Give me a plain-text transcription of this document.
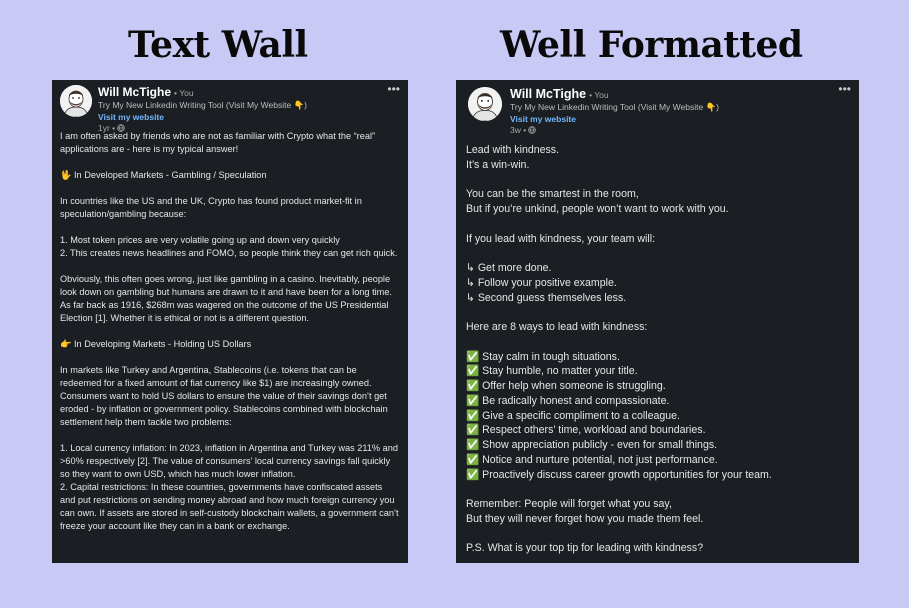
Text Wall	Well Formatted
Will McTighe • You
Try My New Linkedin Writing Tool (Visit My Website 👇)
Visit my website
1yr •
•••
I am often asked by friends who are not as familiar with Crypto what the “real” applications are - here is my typical answer!

🖖 In Developed Markets - Gambling / Speculation

In countries like the US and the UK, Crypto has found product market-fit in speculation/gambling because:

1. Most token prices are very volatile going up and down very quickly
2. This creates news headlines and FOMO, so people think they can get rich quick.

Obviously, this often goes wrong, just like gambling in a casino. Inevitably, people look down on gambling but humans are drawn to it and have been for a long time. As far back as 1916, $268m was wagered on the outcome of the US Presidential Election [1]. Whether it is ethical or not is a different question.

👉 In Developing Markets - Holding US Dollars

In markets like Turkey and Argentina, Stablecoins (i.e. tokens that can be redeemed for a fixed amount of fiat currency like $1) are increasingly owned. Consumers want to hold US dollars to ensure the value of their savings don’t get eroded - by inflation or government policy. Stablecoins combined with blockchain settlement help them tackle two problems:

1. Local currency inflation: In 2023, inflation in Argentina and Turkey was 211% and >60% respectively [2]. The value of consumers’ local currency savings fall quickly so they want to own USD, which has much lower inflation.
2. Capital restrictions: In these countries, governments have confiscated assets and put restrictions on sending money abroad and how much foreign currency you can own. If assets are stored in self-custody blockchain wallets, a government can’t freeze your account like they can in a bank or exchange.
Will McTighe • You
Try My New Linkedin Writing Tool (Visit My Website 👇)
Visit my website
3w •
•••
Lead with kindness.
It’s a win-win.

You can be the smartest in the room,
But if you’re unkind, people won’t want to work with you.

If you lead with kindness, your team will:

↳ Get more done.
↳ Follow your positive example.
↳ Second guess themselves less.

Here are 8 ways to lead with kindness:

✅ Stay calm in tough situations.
✅ Stay humble, no matter your title.
✅ Offer help when someone is struggling.
✅ Be radically honest and compassionate.
✅ Give a specific compliment to a colleague.
✅ Respect others’ time, workload and boundaries.
✅ Show appreciation publicly - even for small things.
✅ Notice and nurture potential, not just performance.
✅ Proactively discuss career growth opportunities for your team.

Remember: People will forget what you say,
But they will never forget how you made them feel.

P.S. What is your top tip for leading with kindness?
